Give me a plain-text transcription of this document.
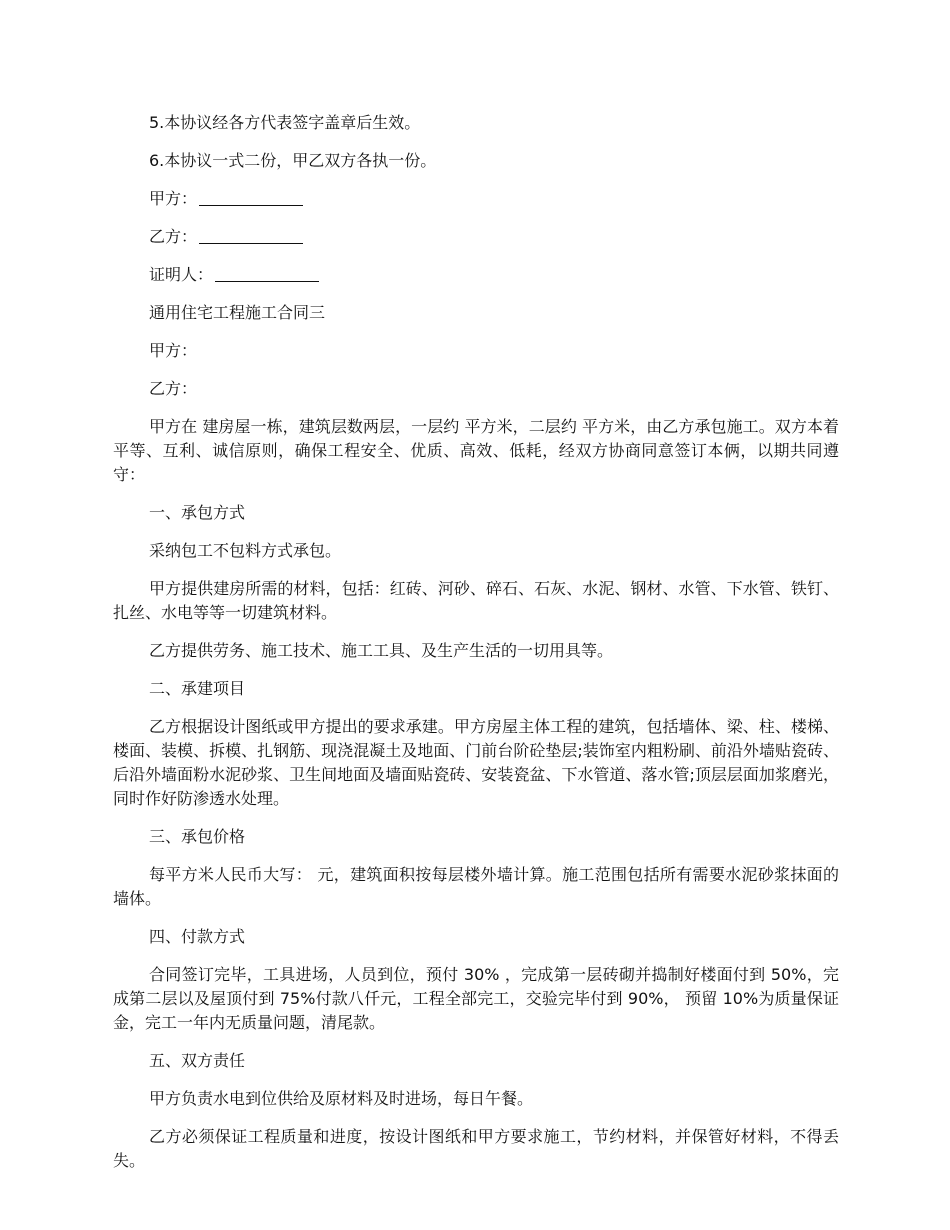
5.本协议经各方代表签字盖章后生效。

6.本协议一式二份，甲乙双方各执一份。

甲方：

乙方：

证明人：

通用住宅工程施工合同三

甲方：

乙方：

甲方在 建房屋一栋，建筑层数两层，一层约 平方米，二层约 平方米，由乙方承包施工。双方本着平等、互利、诚信原则，确保工程安全、优质、高效、低耗，经双方协商同意签订本俩，以期共同遵守：

一、承包方式

采纳包工不包料方式承包。

甲方提供建房所需的材料，包括：红砖、河砂、碎石、石灰、水泥、钢材、水管、下水管、铁钉、扎丝、水电等等一切建筑材料。

乙方提供劳务、施工技术、施工工具、及生产生活的一切用具等。

二、承建项目

乙方根据设计图纸或甲方提出的要求承建。甲方房屋主体工程的建筑，包括墙体、梁、柱、楼梯、楼面、装模、拆模、扎钢筋、现浇混凝土及地面、门前台阶砼垫层;装饰室内粗粉刷、前沿外墙贴瓷砖、后沿外墙面粉水泥砂浆、卫生间地面及墙面贴瓷砖、安装瓷盆、下水管道、落水管;顶层层面加浆磨光，同时作好防渗透水处理。

三、承包价格

每平方米人民币大写： 元，建筑面积按每层楼外墙计算。施工范围包括所有需要水泥砂浆抹面的墙体。

四、付款方式

合同签订完毕，工具进场，人员到位，预付 30% ，完成第一层砖砌并捣制好楼面付到 50%，完成第二层以及屋顶付到 75%付款八仟元，工程全部完工，交验完毕付到 90%， 预留 10%为质量保证金，完工一年内无质量问题，清尾款。

五、双方责任

甲方负责水电到位供给及原材料及时进场，每日午餐。

乙方必须保证工程质量和进度，按设计图纸和甲方要求施工，节约材料，并保管好材料，不得丢失。
